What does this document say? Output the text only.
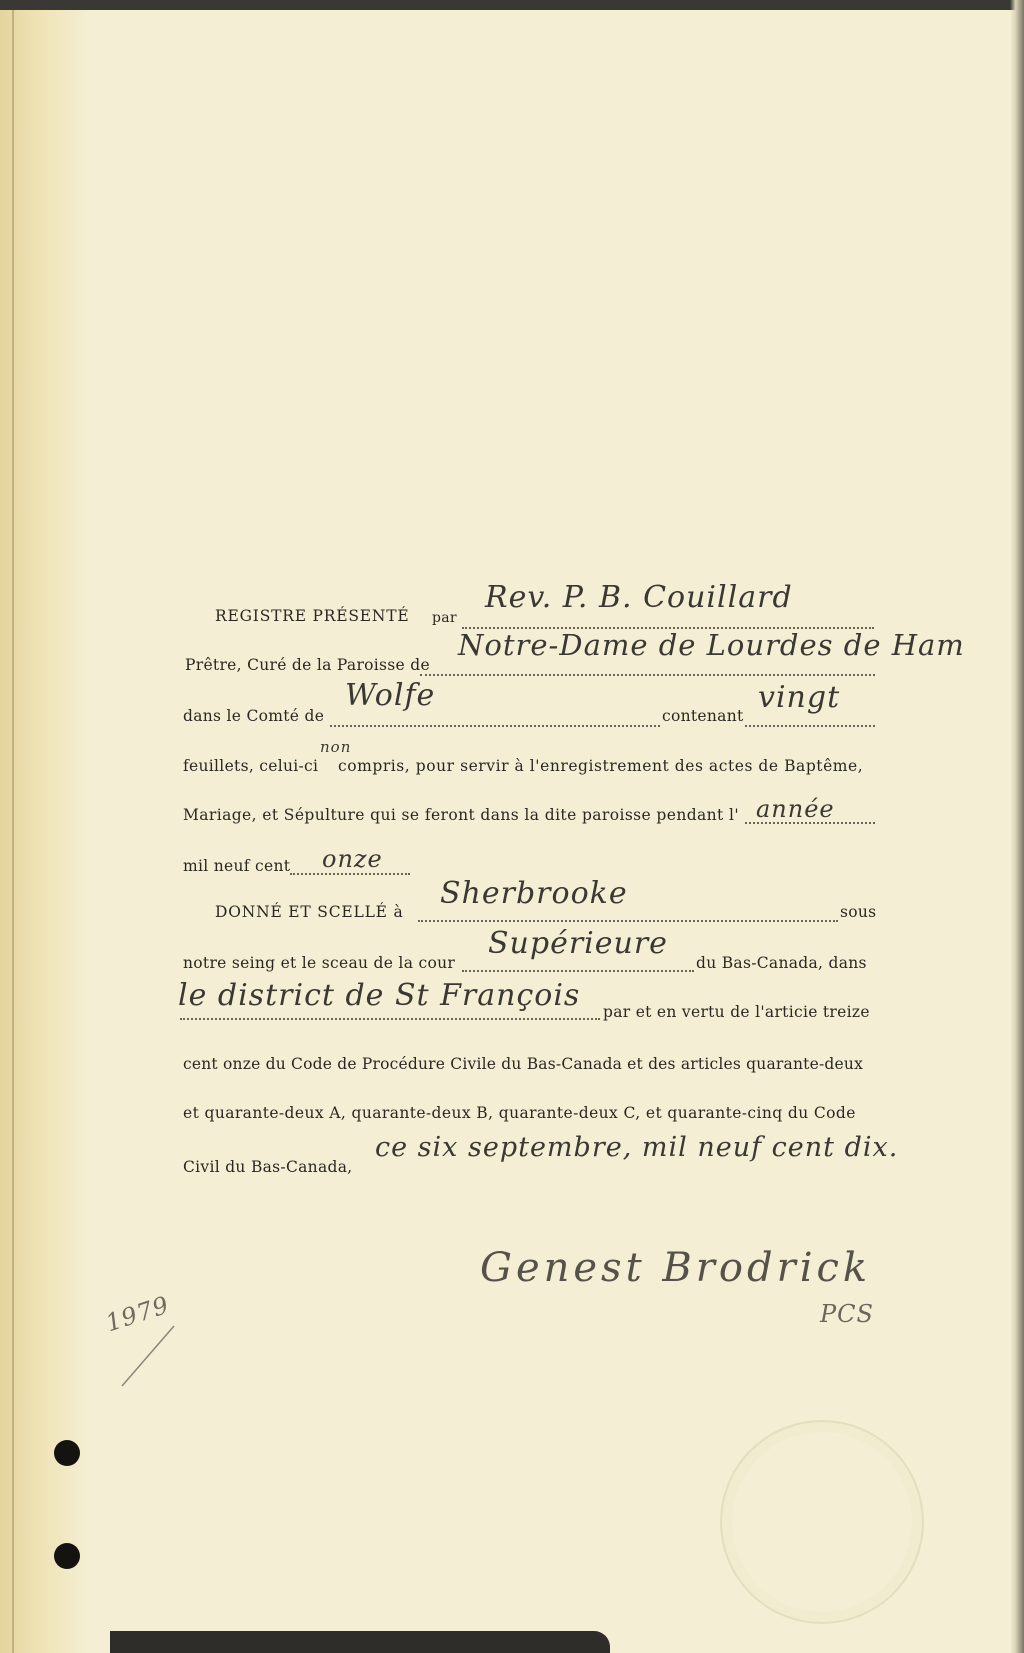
REGISTRE PRÉSENTÉ par
Rev. P. B. Couillard
Prêtre, Curé de la Paroisse de
Notre-Dame de Lourdes de Ham
dans le Comté de
Wolfe
contenant
vingt
feuillets, celui-ci
non
compris, pour servir à l'enregistrement des actes de Baptême,
Mariage, et Sépulture qui se feront dans la dite paroisse pendant l' année
mil neuf cent onze
DONNÉ ET SCELLÉ à
Sherbrooke
sous
notre seing et le sceau de la cour
Supérieure
du Bas-Canada, dans
le district de St François par et en vertu de l'articie treize
cent onze du Code de Procédure Civile du Bas-Canada et des articles quarante-deux
et quarante-deux A, quarante-deux B, quarante-deux C, et quarante-cinq du Code
Civil du Bas-Canada,
ce six septembre, mil neuf cent dix.
Genest Brodrick
PCS
1979
